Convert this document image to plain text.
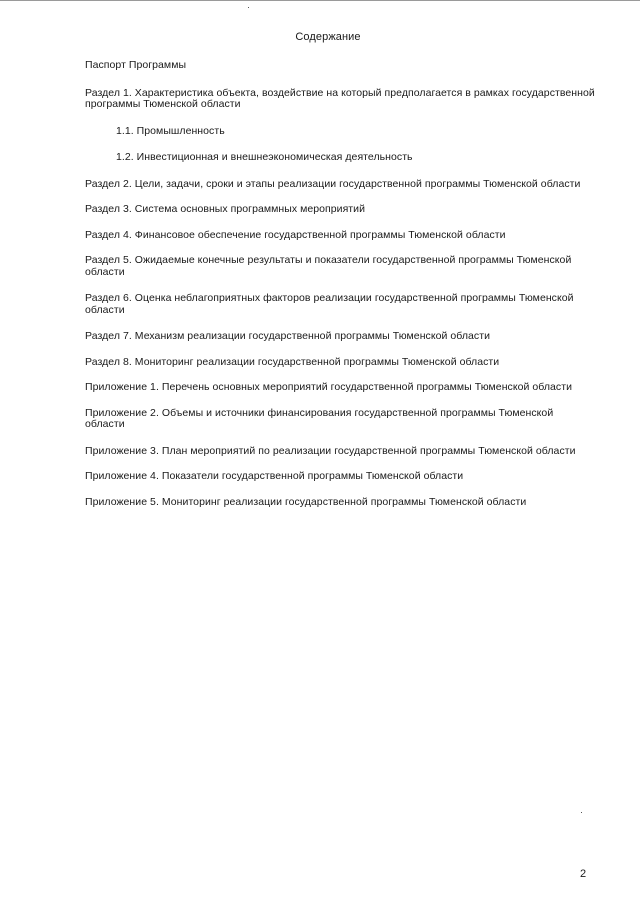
Содержание
Паспорт Программы
Раздел 1. Характеристика объекта, воздействие на который предполагается в рамках государственной программы Тюменской области
1.1. Промышленность
1.2. Инвестиционная и внешнеэкономическая деятельность
Раздел 2. Цели, задачи, сроки и этапы реализации государственной программы Тюменской области
Раздел 3. Система основных программных мероприятий
Раздел 4. Финансовое обеспечение государственной программы Тюменской области
Раздел 5. Ожидаемые конечные результаты и показатели государственной программы Тюменской области
Раздел 6. Оценка неблагоприятных факторов реализации государственной программы Тюменской области
Раздел 7. Механизм реализации государственной программы Тюменской области
Раздел 8. Мониторинг реализации государственной программы Тюменской области
Приложение 1. Перечень основных мероприятий государственной программы Тюменской области
Приложение 2. Объемы и источники финансирования государственной программы Тюменской области
Приложение 3. План мероприятий по реализации государственной программы Тюменской области
Приложение 4. Показатели государственной программы Тюменской области
Приложение 5. Мониторинг реализации государственной программы Тюменской области
2
